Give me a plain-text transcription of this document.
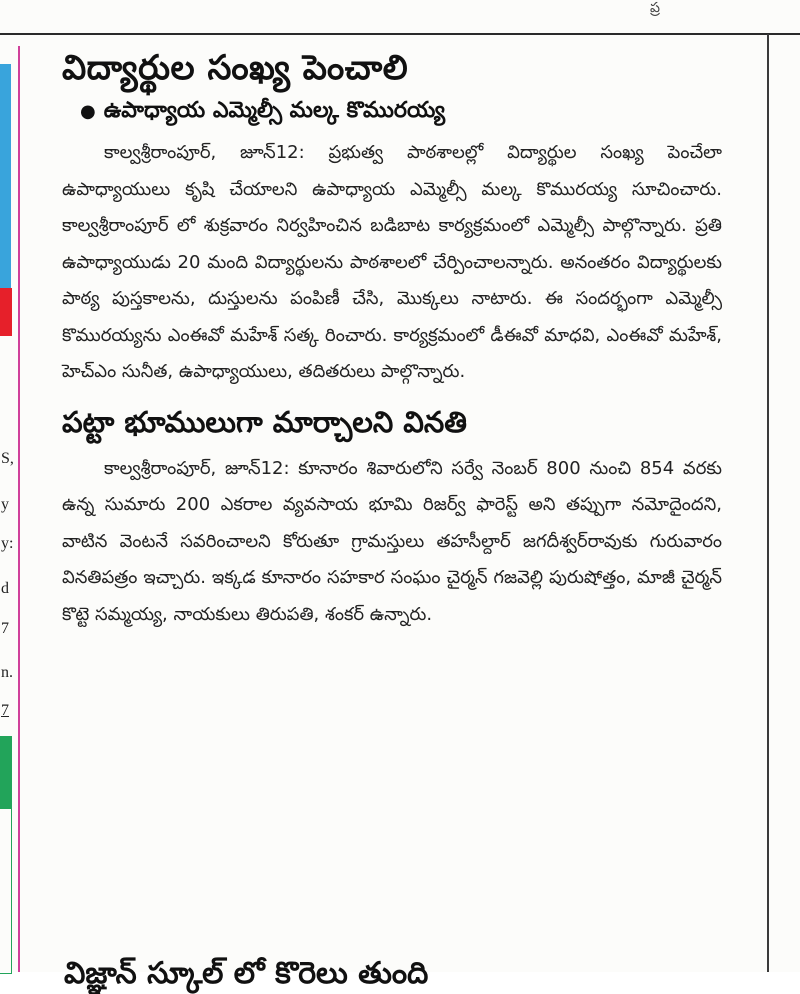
ప్ర
S,
y
y:
d
7
n.
7
విద్యార్థుల సంఖ్య పెంచాలి
● ఉపాధ్యాయ ఎమ్మెల్సీ మల్క కొమురయ్య

కాల్వశ్రీరాంపూర్, జూన్12: ప్రభుత్వ పాఠశాలల్లో విద్యార్థుల సంఖ్య పెంచేలా ఉపాధ్యాయులు కృషి చేయాలని ఉపాధ్యాయ ఎమ్మెల్సీ మల్క కొమురయ్య సూచించారు. కాల్వశ్రీరాంపూర్ లో శుక్రవారం నిర్వహించిన బడిబాట కార్యక్రమంలో ఎమ్మెల్సీ పాల్గొన్నారు. ప్రతి ఉపాధ్యాయుడు 20 మంది విద్యార్థులను పాఠశాలలో చేర్పించాలన్నారు. అనంతరం విద్యార్థులకు పాఠ్య పుస్తకాలను, దుస్తులను పంపిణీ చేసి, మొక్కలు నాటారు. ఈ సందర్భంగా ఎమ్మెల్సీ కొమురయ్యను ఎంఈవో మహేశ్ సత్క రించారు. కార్యక్రమంలో డీఈవో మాధవి, ఎంఈవో మహేశ్, హెచ్ఎం సునీత, ఉపాధ్యాయులు, తదితరులు పాల్గొన్నారు.

పట్టా భూములుగా మార్చాలని వినతి

కాల్వశ్రీరాంపూర్, జూన్12: కూనారం శివారులోని సర్వే నెంబర్ 800 నుంచి 854 వరకు ఉన్న సుమారు 200 ఎకరాల వ్యవసాయ భూమి రిజర్వ్ ఫారెస్ట్ అని తప్పుగా నమోదైందని, వాటిన వెంటనే సవరించాలని కోరుతూ గ్రామస్తులు తహసీల్దార్ జగదీశ్వర్‌రావుకు గురువారం వినతిపత్రం ఇచ్చారు. ఇక్కడ కూనారం సహకార సంఘం చైర్మన్ గజవెల్లి పురుషోత్తం, మాజీ చైర్మన్ కొట్టె సమ్మయ్య, నాయకులు తిరుపతి, శంకర్ ఉన్నారు.

విజ్ఞాన్ స్కూల్ లో కొరెలు తుంది
